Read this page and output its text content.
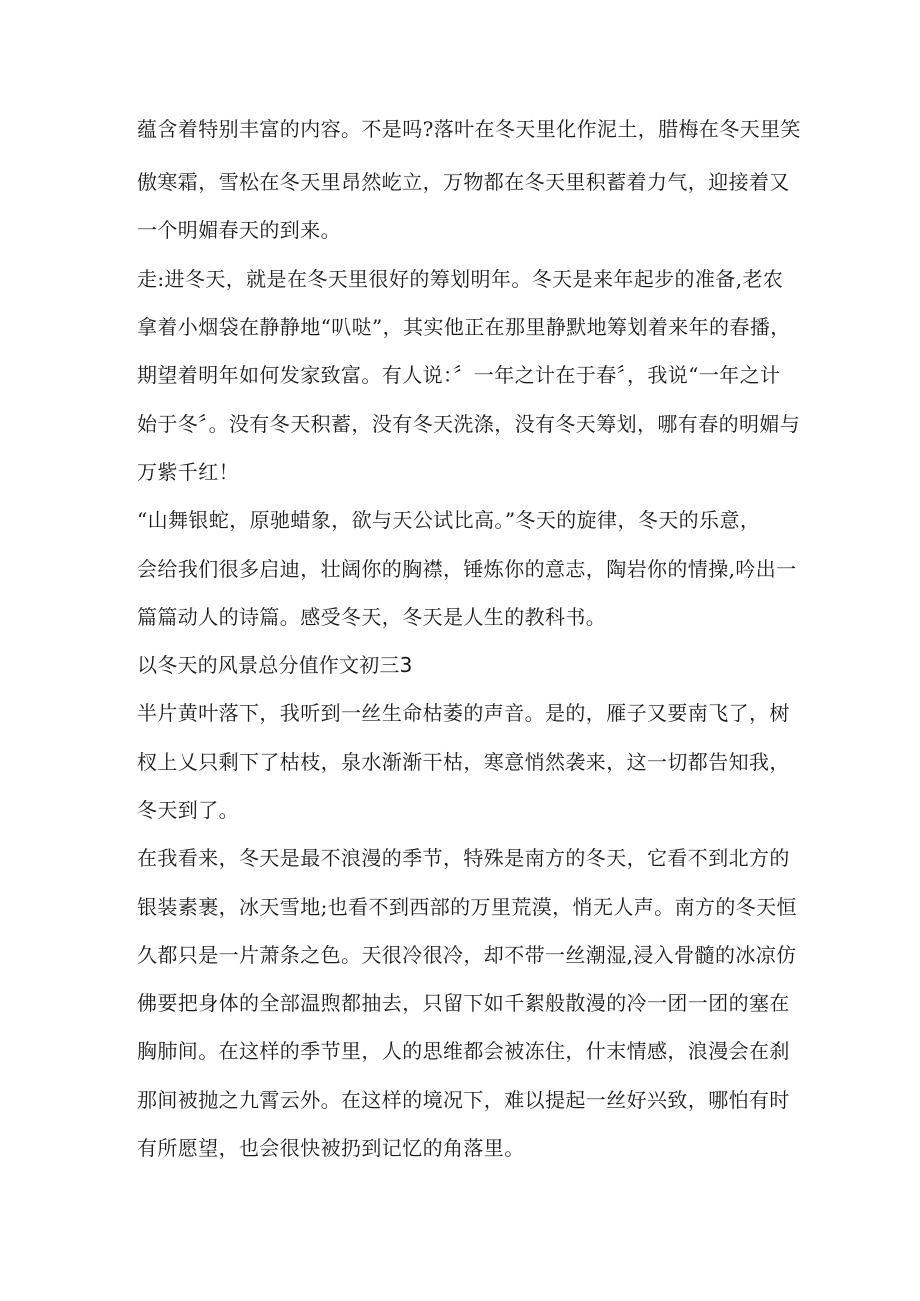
蕴含着特别丰富的内容。不是吗?落叶在冬天里化作泥土，腊梅在冬天里笑
傲寒霜，雪松在冬天里昂然屹立，万物都在冬天里积蓄着力气，迎接着又
一个明媚春天的到来。
走:进冬天，就是在冬天里很好的筹划明年。冬天是来年起步的准备,老农
拿着小烟袋在静静地“叭哒”，其实他正在那里静默地筹划着来年的春播，
期望着明年如何发家致富。有人说：〞一年之计在于春〞，我说“一年之计
始于冬〞。没有冬天积蓄，没有冬天洗涤，没有冬天筹划，哪有春的明媚与
万紫千红！
“山舞银蛇，原驰蜡象，欲与天公试比高。”冬天的旋律，冬天的乐意，
会给我们很多启迪，壮阔你的胸襟，锤炼你的意志，陶岩你的情操,吟出一
篇篇动人的诗篇。感受冬天，冬天是人生的教科书。
以冬天的风景总分值作文初三3
半片黄叶落下，我听到一丝生命枯萎的声音。是的，雁子又要南飞了，树
杈上乂只剩下了枯枝，泉水渐渐干枯，寒意悄然袭来，这一切都告知我，
冬天到了。
在我看来，冬天是最不浪漫的季节，特殊是南方的冬天，它看不到北方的
银装素裹，冰天雪地;也看不到西部的万里荒漠，悄无人声。南方的冬天恒
久都只是一片萧条之色。天很冷很冷，却不带一丝潮湿,浸入骨髓的冰凉仿
佛要把身体的全部温煦都抽去，只留下如千絮般散漫的冷一团一团的塞在
胸肺间。在这样的季节里，人的思维都会被冻住，什末情感，浪漫会在刹
那间被抛之九霄云外。在这样的境况下，难以提起一丝好兴致，哪怕有时
有所愿望，也会很快被扔到记忆的角落里。
